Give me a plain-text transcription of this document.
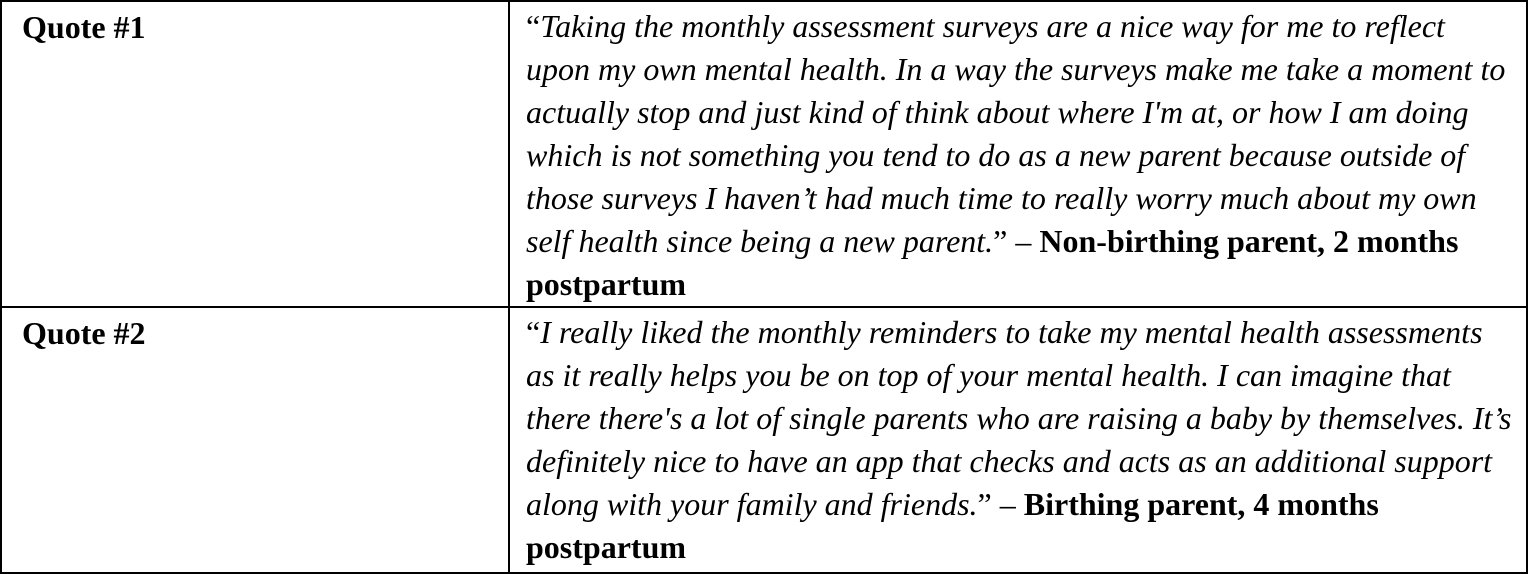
Quote #1	“Taking the monthly assessment surveys are a nice way for me to reflect upon my own mental health. In a way the surveys make me take a moment to actually stop and just kind of think about where I'm at, or how I am doing which is not something you tend to do as a new parent because outside of those surveys I haven’t had much time to really worry much about my own self health since being a new parent.” – Non-birthing parent, 2 months postpartum
Quote #2	“I really liked the monthly reminders to take my mental health assessments as it really helps you be on top of your mental health. I can imagine that there there's a lot of single parents who are raising a baby by themselves. It’s definitely nice to have an app that checks and acts as an additional support along with your family and friends.” – Birthing parent, 4 months postpartum
